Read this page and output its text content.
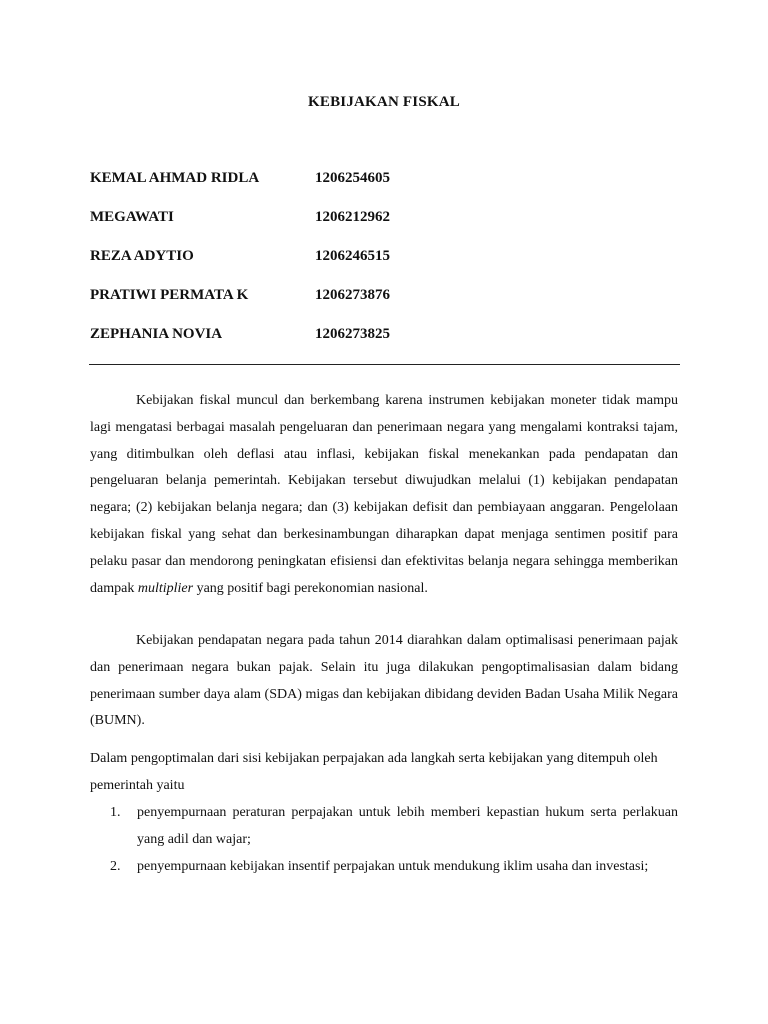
KEBIJAKAN FISKAL
KEMAL AHMAD RIDLA	1206254605
MEGAWATI	1206212962
REZA ADYTIO	1206246515
PRATIWI PERMATA K	1206273876
ZEPHANIA NOVIA	1206273825
Kebijakan fiskal muncul dan berkembang karena instrumen kebijakan moneter tidak mampu lagi mengatasi berbagai masalah pengeluaran dan penerimaan negara yang mengalami kontraksi tajam, yang ditimbulkan oleh deflasi atau inflasi, kebijakan fiskal menekankan pada pendapatan dan pengeluaran belanja pemerintah. Kebijakan tersebut diwujudkan melalui (1) kebijakan pendapatan negara; (2) kebijakan belanja negara; dan (3) kebijakan defisit dan pembiayaan anggaran. Pengelolaan kebijakan fiskal yang sehat dan berkesinambungan diharapkan dapat menjaga sentimen positif para pelaku pasar dan mendorong peningkatan efisiensi dan efektivitas belanja negara sehingga memberikan dampak multiplier yang positif bagi perekonomian nasional.
Kebijakan pendapatan negara pada tahun 2014 diarahkan dalam optimalisasi penerimaan pajak dan penerimaan negara bukan pajak. Selain itu juga dilakukan pengoptimalisasian dalam bidang penerimaan sumber daya alam (SDA) migas dan kebijakan dibidang deviden Badan Usaha Milik Negara (BUMN).
Dalam pengoptimalan dari sisi kebijakan perpajakan ada langkah serta kebijakan yang ditempuh oleh pemerintah yaitu
1.	penyempurnaan peraturan perpajakan untuk lebih memberi kepastian hukum serta perlakuan yang adil dan wajar;
2.	penyempurnaan kebijakan insentif perpajakan untuk mendukung iklim usaha dan investasi;
